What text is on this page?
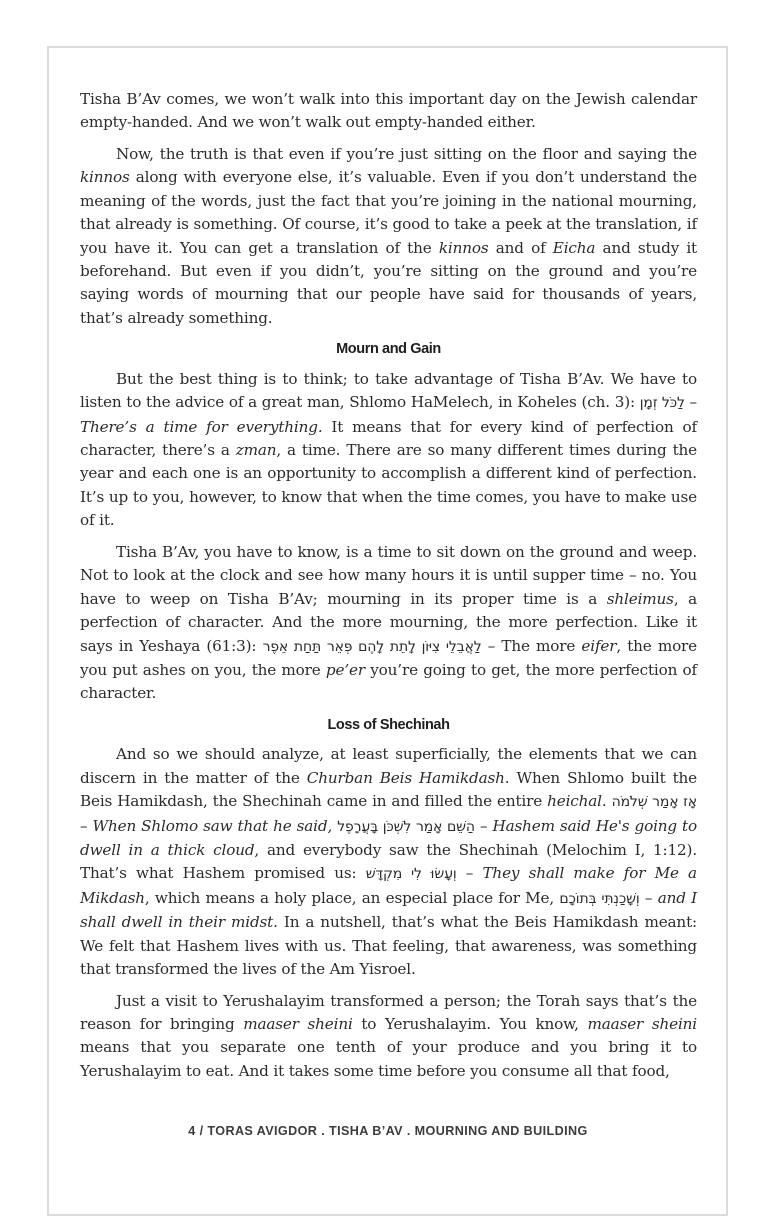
Tisha B’Av comes, we won’t walk into this important day on the Jewish calendar empty-handed. And we won’t walk out empty-handed either.

Now, the truth is that even if you’re just sitting on the floor and saying the kinnos along with everyone else, it’s valuable. Even if you don’t understand the meaning of the words, just the fact that you’re joining in the national mourning, that already is something. Of course, it’s good to take a peek at the translation, if you have it. You can get a translation of the kinnos and of Eicha and study it beforehand. But even if you didn’t, you’re sitting on the ground and you’re saying words of mourning that our people have said for thousands of years, that’s already something.

Mourn and Gain

But the best thing is to think; to take advantage of Tisha B’Av. We have to listen to the advice of a great man, Shlomo HaMelech, in Koheles (ch. 3): לַכֹּל זְמָן – There’s a time for everything. It means that for every kind of perfection of character, there’s a zman, a time. There are so many different times during the year and each one is an opportunity to accomplish a different kind of perfection. It’s up to you, however, to know that when the time comes, you have to make use of it.

Tisha B’Av, you have to know, is a time to sit down on the ground and weep. Not to look at the clock and see how many hours it is until supper time – no. You have to weep on Tisha B’Av; mourning in its proper time is a shleimus, a perfection of character. And the more mourning, the more perfection. Like it says in Yeshaya (61:3): לַאֲבֵלֵי צִיּוֹן לָתֵת לָהֶם פְּאֵר תַּחַת אֵפֶר – The more eifer, the more you put ashes on you, the more pe’er you’re going to get, the more perfection of character.

Loss of Shechinah

And so we should analyze, at least superficially, the elements that we can discern in the matter of the Churban Beis Hamikdash. When Shlomo built the Beis Hamikdash, the Shechinah came in and filled the entire heichal. אָז אָמַר שְׁלֹמֹה – When Shlomo saw that he said, הַשֵּׁם אָמַר לִשְׁכֹּן בָּעֲרָפֶל – Hashem said He's going to dwell in a thick cloud, and everybody saw the Shechinah (Melochim I, 1:12). That’s what Hashem promised us: וְעָשׂוּ לִי מִקְדָּשׁ – They shall make for Me a Mikdash, which means a holy place, an especial place for Me, וְשָׁכַנְתִּי בְּתוֹכָם – and I shall dwell in their midst. In a nutshell, that’s what the Beis Hamikdash meant: We felt that Hashem lives with us. That feeling, that awareness, was something that transformed the lives of the Am Yisroel.

Just a visit to Yerushalayim transformed a person; the Torah says that’s the reason for bringing maaser sheini to Yerushalayim. You know, maaser sheini means that you separate one tenth of your produce and you bring it to Yerushalayim to eat. And it takes some time before you consume all that food,

4 / TORAS AVIGDOR . TISHA B’AV . MOURNING AND BUILDING
